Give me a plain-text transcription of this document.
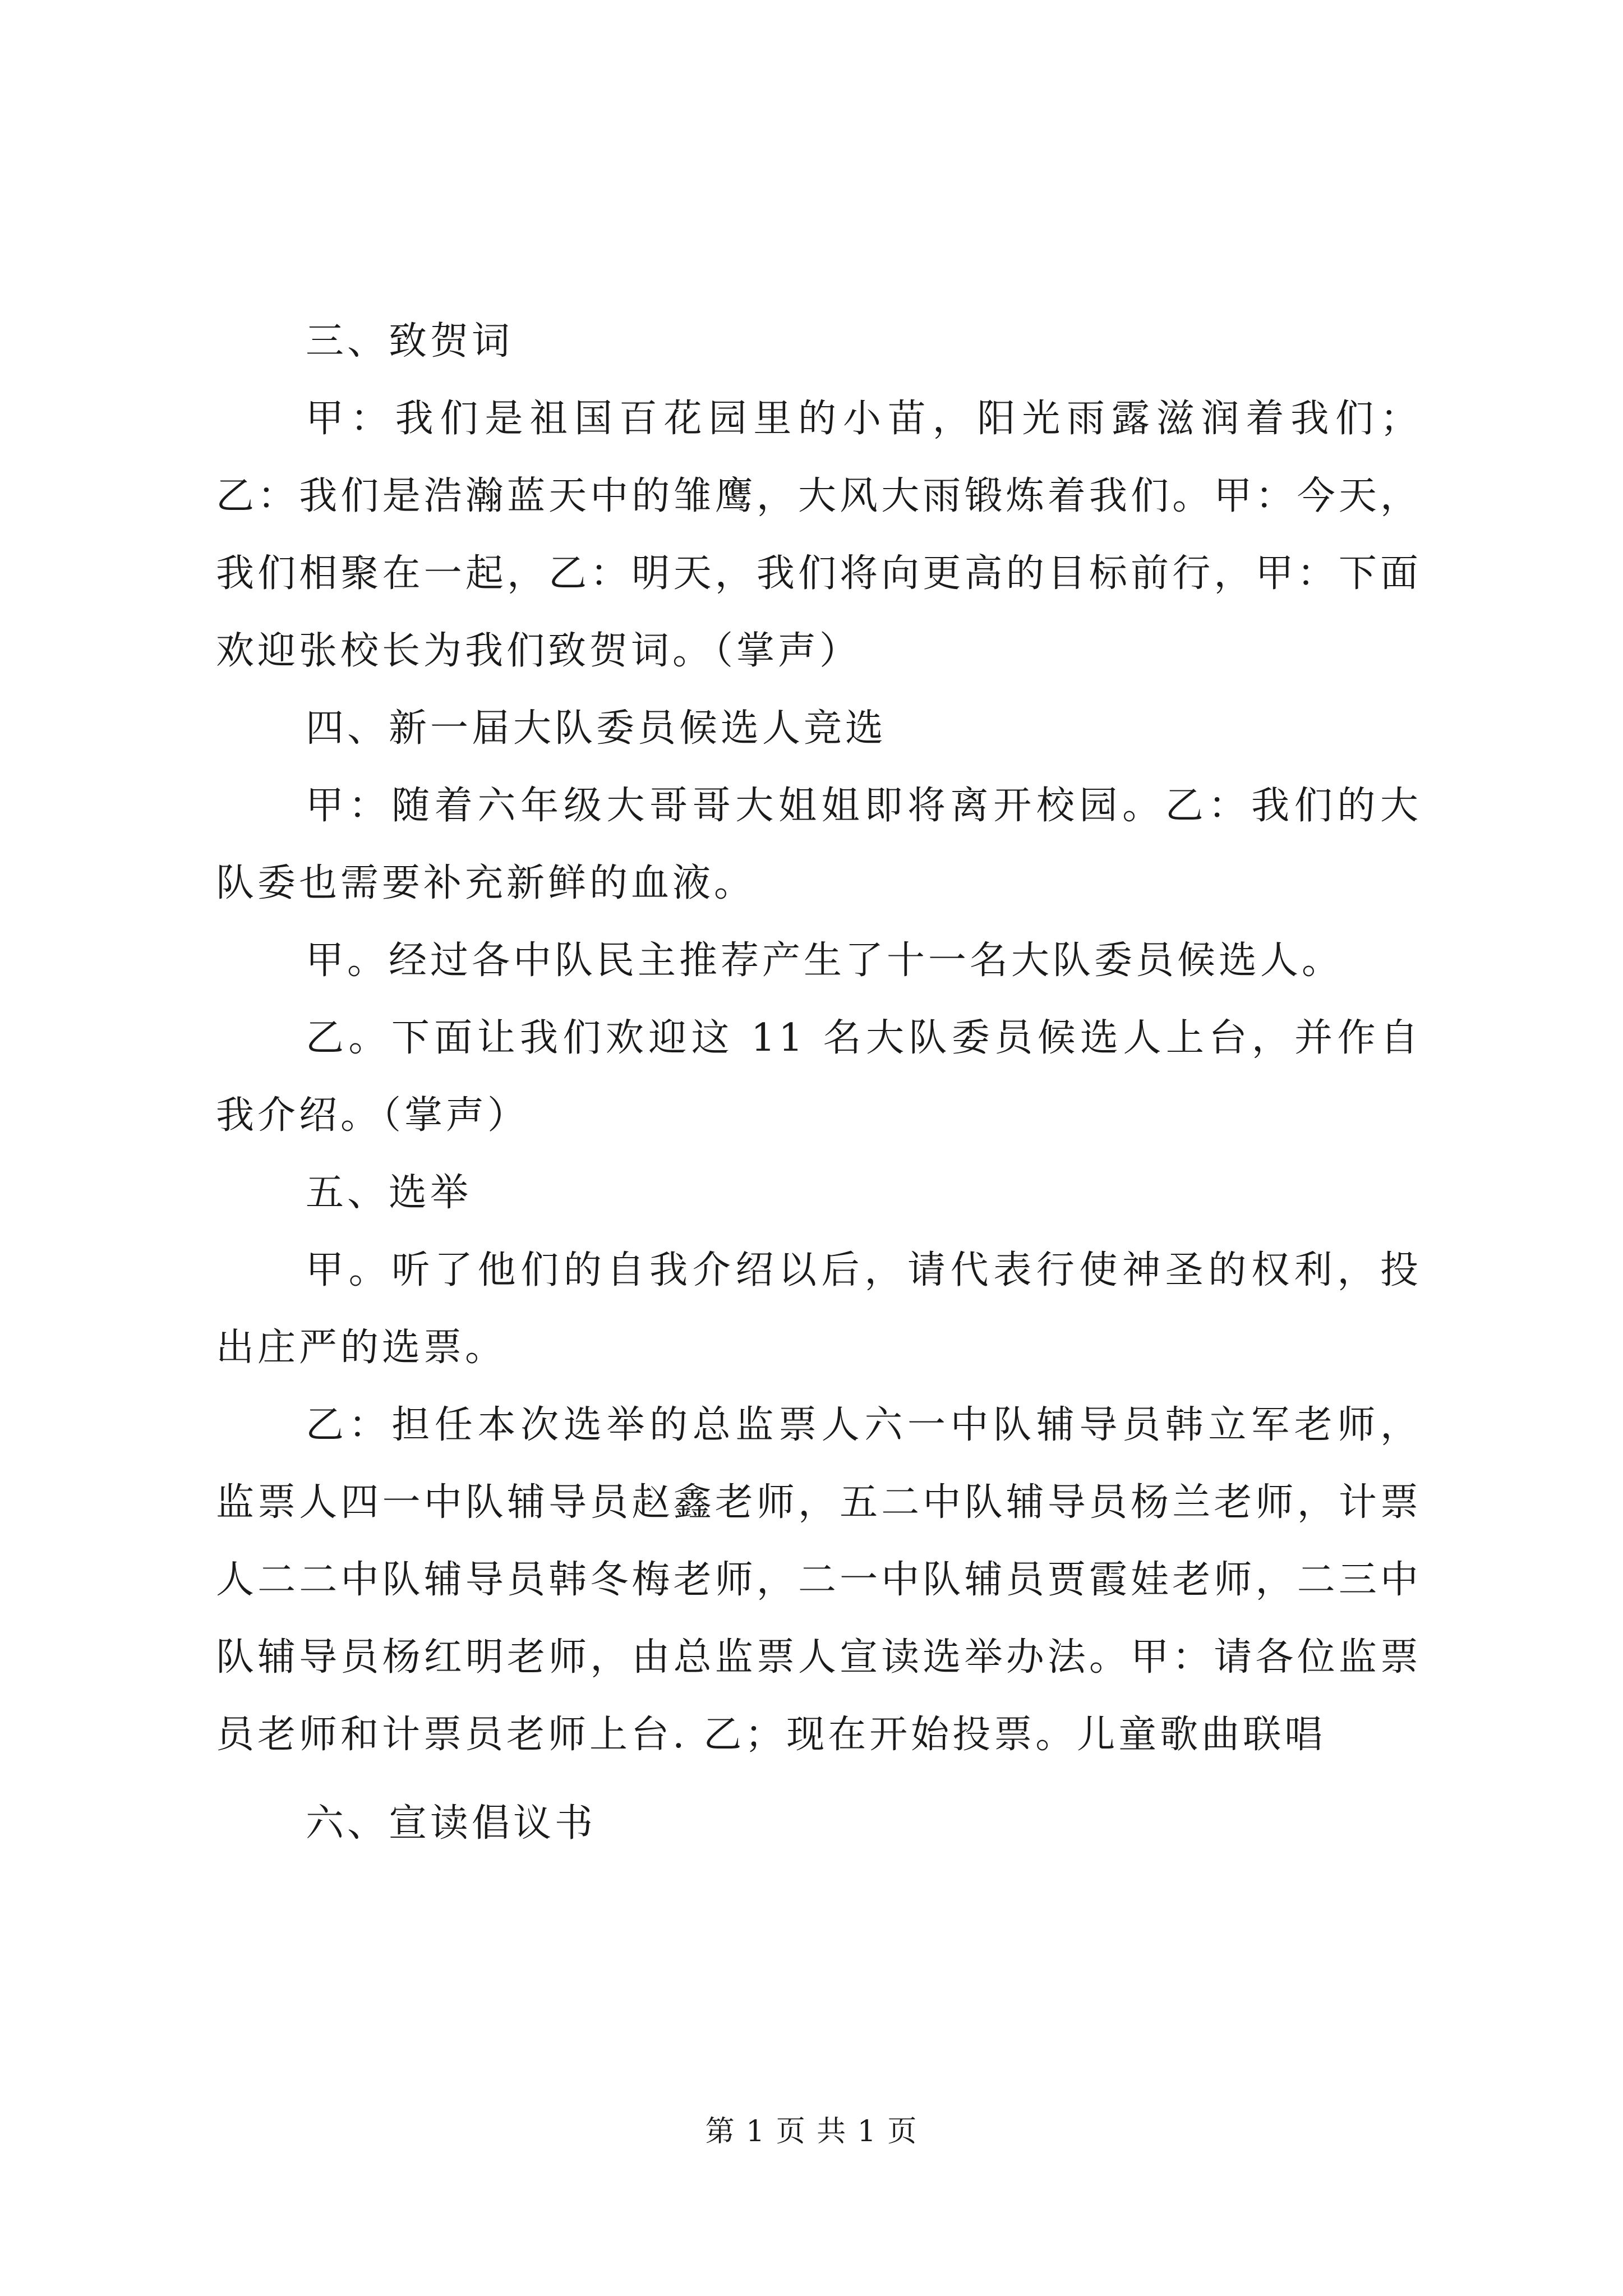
三、致贺词

甲：我们是祖国百花园里的小苗，阳光雨露滋润着我们；乙：我们是浩瀚蓝天中的雏鹰，大风大雨锻炼着我们。甲：今天，我们相聚在一起，乙：明天，我们将向更高的目标前行，甲：下面欢迎张校长为我们致贺词。（掌声）

四、新一届大队委员候选人竞选

甲：随着六年级大哥哥大姐姐即将离开校园。乙：我们的大队委也需要补充新鲜的血液。

甲。经过各中队民主推荐产生了十一名大队委员候选人。

乙。下面让我们欢迎这 11 名大队委员候选人上台，并作自我介绍。（掌声）

五、选举

甲。听了他们的自我介绍以后，请代表行使神圣的权利，投出庄严的选票。

乙：担任本次选举的总监票人六一中队辅导员韩立军老师，监票人四一中队辅导员赵鑫老师，五二中队辅导员杨兰老师，计票人二二中队辅导员韩冬梅老师，二一中队辅员贾霞娃老师，二三中队辅导员杨红明老师，由总监票人宣读选举办法。甲：请各位监票员老师和计票员老师上台. 乙；现在开始投票。儿童歌曲联唱

六、宣读倡议书

第 1 页 共 1 页
